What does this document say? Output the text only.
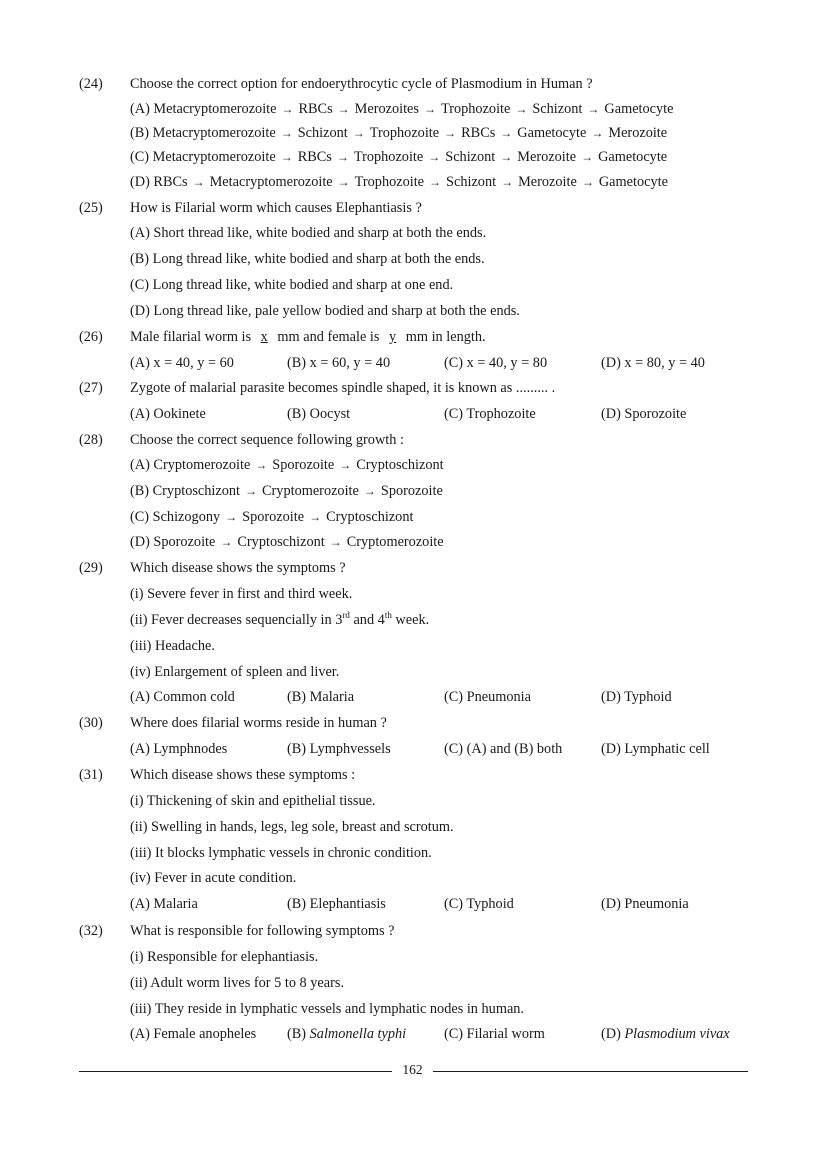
(24) Choose the correct option for endoerythrocytic cycle of Plasmodium in Human ?
(A) Metacryptomerozoite → RBCs → Merozoites → Trophozoite → Schizont → Gametocyte
(B) Metacryptomerozoite → Schizont → Trophozoite → RBCs → Gametocyte → Merozoite
(C) Metacryptomerozoite → RBCs → Trophozoite → Schizont → Merozoite → Gametocyte
(D) RBCs → Metacryptomerozoite → Trophozoite → Schizont → Merozoite → Gametocyte
(25) How is Filarial worm which causes Elephantiasis ?
(A) Short thread like, white bodied and sharp at both the ends.
(B) Long thread like, white bodied and sharp at both the ends.
(C) Long thread like, white bodied and sharp at one end.
(D) Long thread like, pale yellow bodied and sharp at both the ends.
(26) Male filarial worm is x mm and female is y mm in length.
(A) x = 40, y = 60	(B) x = 60, y = 40	(C) x = 40, y = 80	(D) x = 80, y = 40
(27) Zygote of malarial parasite becomes spindle shaped, it is known as ......... .
(A) Ookinete	(B) Oocyst	(C) Trophozoite	(D) Sporozoite
(28) Choose the correct sequence following growth :
(A) Cryptomerozoite → Sporozoite → Cryptoschizont
(B) Cryptoschizont → Cryptomerozoite → Sporozoite
(C) Schizogony → Sporozoite → Cryptoschizont
(D) Sporozoite → Cryptoschizont → Cryptomerozoite
(29) Which disease shows the symptoms ?
(i) Severe fever in first and third week.
(ii) Fever decreases sequencially in 3rd and 4th week.
(iii) Headache.
(iv) Enlargement of spleen and liver.
(A) Common cold	(B) Malaria	(C) Pneumonia	(D) Typhoid
(30) Where does filarial worms reside in human ?
(A) Lymphnodes	(B) Lymphvessels	(C) (A) and (B) both	(D) Lymphatic cell
(31) Which disease shows these symptoms :
(i) Thickening of skin and epithelial tissue.
(ii) Swelling in hands, legs, leg sole, breast and scrotum.
(iii) It blocks lymphatic vessels in chronic condition.
(iv) Fever in acute condition.
(A) Malaria	(B) Elephantiasis	(C) Typhoid	(D) Pneumonia
(32) What is responsible for following symptoms ?
(i) Responsible for elephantiasis.
(ii) Adult worm lives for 5 to 8 years.
(iii) They reside in lymphatic vessels and lymphatic nodes in human.
(A) Female anopheles (B) Salmonella typhi	(C) Filarial worm	(D) Plasmodium vivax
162
